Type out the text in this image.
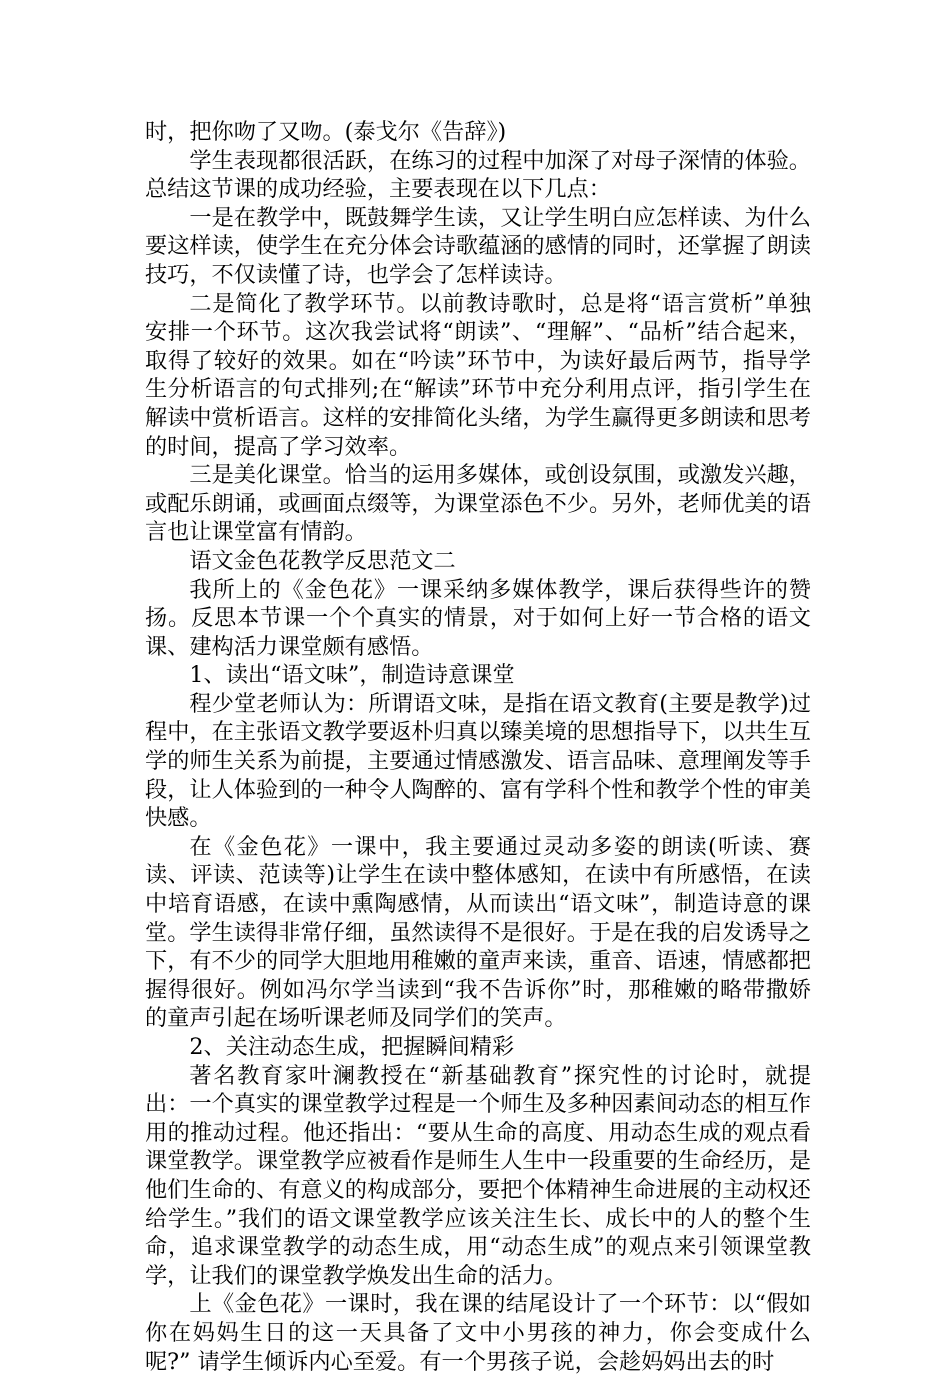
时，把你吻了又吻。(泰戈尔《告辞》)

学生表现都很活跃，在练习的过程中加深了对母子深情的体验。总结这节课的成功经验，主要表现在以下几点：

一是在教学中，既鼓舞学生读，又让学生明白应怎样读、为什么要这样读，使学生在充分体会诗歌蕴涵的感情的同时，还掌握了朗读技巧，不仅读懂了诗，也学会了怎样读诗。

二是简化了教学环节。以前教诗歌时，总是将“语言赏析”单独安排一个环节。这次我尝试将“朗读”、“理解”、“品析”结合起来，取得了较好的效果。如在“吟读”环节中，为读好最后两节，指导学生分析语言的句式排列;在“解读”环节中充分利用点评，指引学生在解读中赏析语言。这样的安排简化头绪，为学生赢得更多朗读和思考的时间，提高了学习效率。

三是美化课堂。恰当的运用多媒体，或创设氛围，或激发兴趣，或配乐朗诵，或画面点缀等，为课堂添色不少。另外，老师优美的语言也让课堂富有情韵。

语文金色花教学反思范文二

我所上的《金色花》一课采纳多媒体教学，课后获得些许的赞扬。反思本节课一个个真实的情景，对于如何上好一节合格的语文课、建构活力课堂颇有感悟。

1、读出“语文味”，制造诗意课堂

程少堂老师认为：所谓语文味，是指在语文教育(主要是教学)过程中，在主张语文教学要返朴归真以臻美境的思想指导下，以共生互学的师生关系为前提，主要通过情感激发、语言品味、意理阐发等手段，让人体验到的一种令人陶醉的、富有学科个性和教学个性的审美快感。

在《金色花》一课中，我主要通过灵动多姿的朗读(听读、赛读、评读、范读等)让学生在读中整体感知，在读中有所感悟，在读中培育语感，在读中熏陶感情，从而读出“语文味”，制造诗意的课堂。学生读得非常仔细，虽然读得不是很好。于是在我的启发诱导之下，有不少的同学大胆地用稚嫩的童声来读，重音、语速，情感都把握得很好。例如冯尔学当读到“我不告诉你”时，那稚嫩的略带撒娇的童声引起在场听课老师及同学们的笑声。

2、关注动态生成，把握瞬间精彩

著名教育家叶澜教授在“新基础教育”探究性的讨论时，就提出：一个真实的课堂教学过程是一个师生及多种因素间动态的相互作用的推动过程。他还指出：“要从生命的高度、用动态生成的观点看课堂教学。课堂教学应被看作是师生人生中一段重要的生命经历，是他们生命的、有意义的构成部分，要把个体精神生命进展的主动权还给学生。”我们的语文课堂教学应该关注生长、成长中的人的整个生命，追求课堂教学的动态生成，用“动态生成”的观点来引领课堂教学，让我们的课堂教学焕发出生命的活力。

上《金色花》一课时，我在课的结尾设计了一个环节：以“假如你在妈妈生日的这一天具备了文中小男孩的神力，你会变成什么呢?” 请学生倾诉内心至爱。有一个男孩子说，会趁妈妈出去的时
